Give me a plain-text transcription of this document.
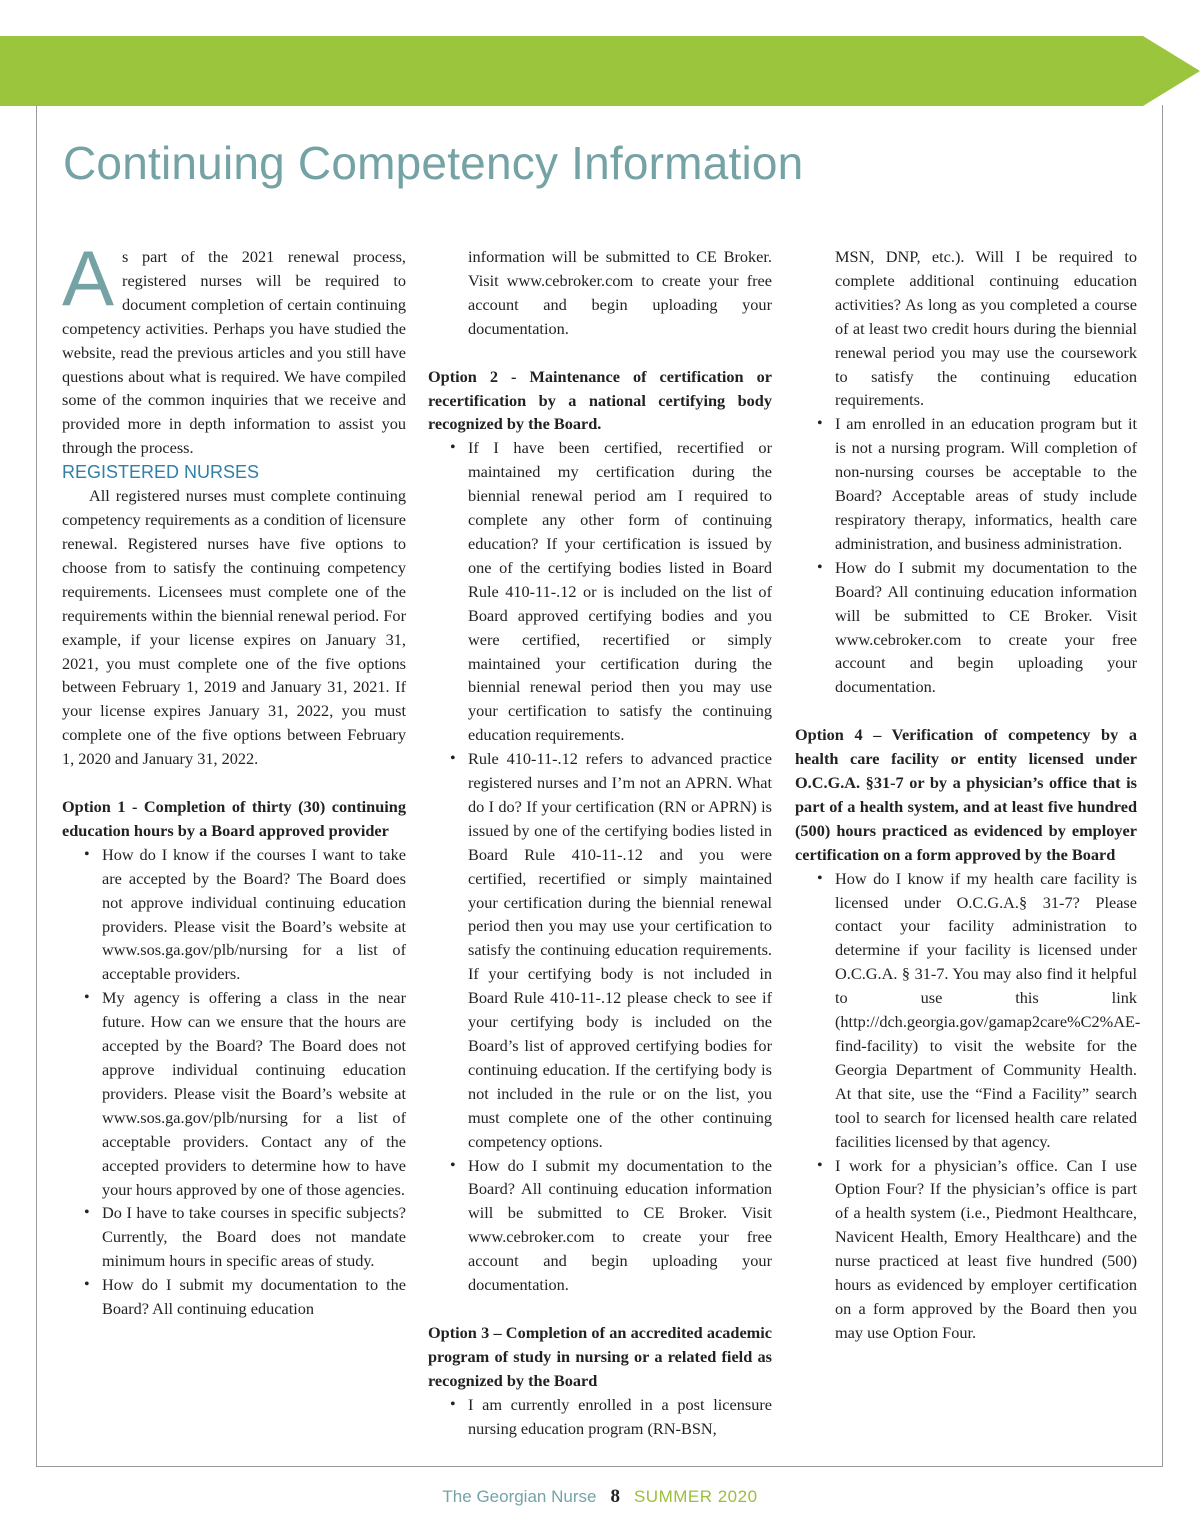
Continuing Competency Information

As part of the 2021 renewal process, registered nurses will be required to document completion of certain continuing competency activities. Perhaps you have studied the website, read the previous articles and you still have questions about what is required. We have compiled some of the common inquiries that we receive and provided more in depth information to assist you through the process.

REGISTERED NURSES

All registered nurses must complete continuing competency requirements as a condition of licensure renewal. Registered nurses have five options to choose from to satisfy the continuing competency requirements. Licensees must complete one of the requirements within the biennial renewal period. For example, if your license expires on January 31, 2021, you must complete one of the five options between February 1, 2019 and January 31, 2021. If your license expires January 31, 2022, you must complete one of the five options between February 1, 2020 and January 31, 2022.

Option 1 - Completion of thirty (30) continuing education hours by a Board approved provider

• How do I know if the courses I want to take are accepted by the Board? The Board does not approve individual continuing education providers. Please visit the Board’s website at www.sos.ga.gov/plb/nursing for a list of acceptable providers.
• My agency is offering a class in the near future. How can we ensure that the hours are accepted by the Board? The Board does not approve individual continuing education providers. Please visit the Board’s website at www.sos.ga.gov/plb/nursing for a list of acceptable providers. Contact any of the accepted providers to determine how to have your hours approved by one of those agencies.
• Do I have to take courses in specific subjects? Currently, the Board does not mandate minimum hours in specific areas of study.
• How do I submit my documentation to the Board? All continuing education

information will be submitted to CE Broker. Visit www.cebroker.com to create your free account and begin uploading your documentation.

Option 2 - Maintenance of certification or recertification by a national certifying body recognized by the Board.

• If I have been certified, recertified or maintained my certification during the biennial renewal period am I required to complete any other form of continuing education? If your certification is issued by one of the certifying bodies listed in Board Rule 410-11-.12 or is included on the list of Board approved certifying bodies and you were certified, recertified or simply maintained your certification during the biennial renewal period then you may use your certification to satisfy the continuing education requirements.
• Rule 410-11-.12 refers to advanced practice registered nurses and I’m not an APRN. What do I do? If your certification (RN or APRN) is issued by one of the certifying bodies listed in Board Rule 410-11-.12 and you were certified, recertified or simply maintained your certification during the biennial renewal period then you may use your certification to satisfy the continuing education requirements. If your certifying body is not included in Board Rule 410-11-.12 please check to see if your certifying body is included on the Board’s list of approved certifying bodies for continuing education. If the certifying body is not included in the rule or on the list, you must complete one of the other continuing competency options.
• How do I submit my documentation to the Board? All continuing education information will be submitted to CE Broker. Visit www.cebroker.com to create your free account and begin uploading your documentation.

Option 3 – Completion of an accredited academic program of study in nursing or a related field as recognized by the Board

• I am currently enrolled in a post licensure nursing education program (RN-BSN,

MSN, DNP, etc.). Will I be required to complete additional continuing education activities? As long as you completed a course of at least two credit hours during the biennial renewal period you may use the coursework to satisfy the continuing education requirements.

• I am enrolled in an education program but it is not a nursing program. Will completion of non-nursing courses be acceptable to the Board? Acceptable areas of study include respiratory therapy, informatics, health care administration, and business administration.
• How do I submit my documentation to the Board? All continuing education information will be submitted to CE Broker. Visit www.cebroker.com to create your free account and begin uploading your documentation.

Option 4 – Verification of competency by a health care facility or entity licensed under O.C.G.A. §31-7 or by a physician’s office that is part of a health system, and at least five hundred (500) hours practiced as evidenced by employer certification on a form approved by the Board

• How do I know if my health care facility is licensed under O.C.G.A.§ 31-7? Please contact your facility administration to determine if your facility is licensed under O.C.G.A. § 31-7. You may also find it helpful to use this link (http://dch.georgia.gov/gamap2care%C2%AE-find-facility) to visit the website for the Georgia Department of Community Health. At that site, use the “Find a Facility” search tool to search for licensed health care related facilities licensed by that agency.
• I work for a physician’s office. Can I use Option Four? If the physician’s office is part of a health system (i.e., Piedmont Healthcare, Navicent Health, Emory Healthcare) and the nurse practiced at least five hundred (500) hours as evidenced by employer certification on a form approved by the Board then you may use Option Four.
The Georgian Nurse 8 SUMMER 2020
